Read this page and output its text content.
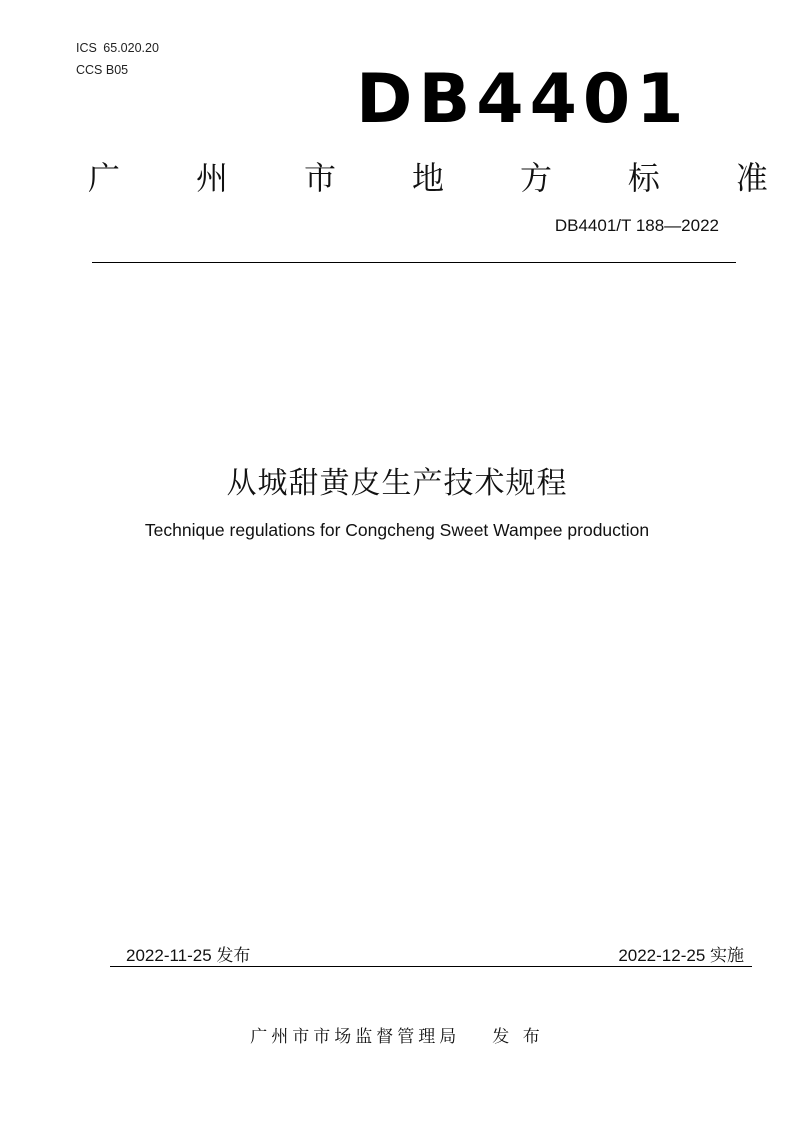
ICS 65.020.20
CCS B05	DB4401
广 州 市 地 方 标 准
DB4401/T 188—2022
从城甜黄皮生产技术规程
Technique regulations for Congcheng Sweet Wampee production
2022-11-25 发布	2022-12-25 实施
广州市市场监督管理局 发 布
